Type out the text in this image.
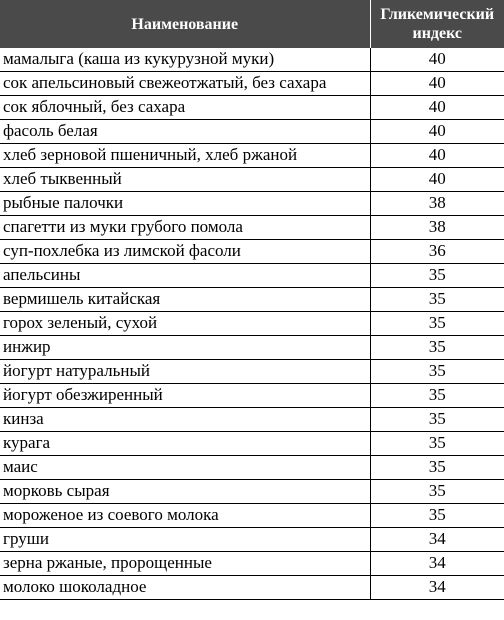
Наименование	Гликемический индекс
мамалыга (каша из кукурузной муки)	40
сок апельсиновый свежеотжатый, без сахара	40
сок яблочный, без сахара	40
фасоль белая	40
хлеб зерновой пшеничный, хлеб ржаной	40
хлеб тыквенный	40
рыбные палочки	38
спагетти из муки грубого помола	38
суп-похлебка из лимской фасоли	36
апельсины	35
вермишель китайская	35
горох зеленый, сухой	35
инжир	35
йогурт натуральный	35
йогурт обезжиренный	35
кинза	35
курага	35
маис	35
морковь сырая	35
мороженое из соевого молока	35
груши	34
зерна ржаные, пророщенные	34
молоко шоколадное	34
